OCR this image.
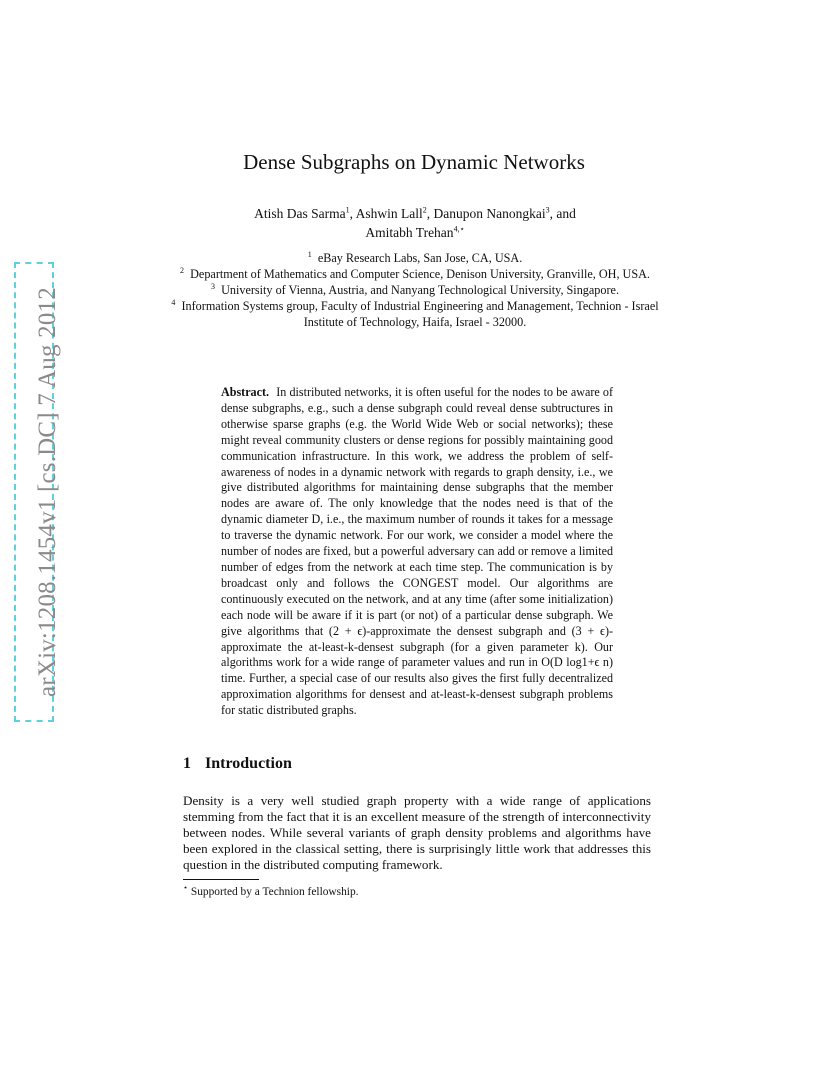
arXiv:1208.1454v1 [cs.DC] 7 Aug 2012
Dense Subgraphs on Dynamic Networks
Atish Das Sarma$^1$, Ashwin Lall$^2$, Danupon Nanongkai$^3$, and
Amitabh Trehan$^{4,⋆}$
$^1$ eBay Research Labs, San Jose, CA, USA.
$^2$ Department of Mathematics and Computer Science, Denison University, Granville, OH, USA.
$^3$ University of Vienna, Austria, and Nanyang Technological University, Singapore.
$^4$ Information Systems group, Faculty of Industrial Engineering and Management, Technion - Israel Institute of Technology, Haifa, Israel - 32000.
Abstract. In distributed networks, it is often useful for the nodes to be aware of dense subgraphs, e.g., such a dense subgraph could reveal dense subtructures in otherwise sparse graphs (e.g. the World Wide Web or social networks); these might reveal community clusters or dense regions for possibly maintaining good communication infrastructure. In this work, we address the problem of self-awareness of nodes in a dynamic network with regards to graph density, i.e., we give distributed algorithms for maintaining dense subgraphs that the member nodes are aware of. The only knowledge that the nodes need is that of the dynamic diameter D, i.e., the maximum number of rounds it takes for a message to traverse the dynamic network. For our work, we consider a model where the number of nodes are fixed, but a powerful adversary can add or remove a limited number of edges from the network at each time step. The communication is by broadcast only and follows the CONGEST model. Our algorithms are continuously executed on the network, and at any time (after some initialization) each node will be aware if it is part (or not) of a particular dense subgraph. We give algorithms that (2 + ϵ)-approximate the densest subgraph and (3 + ϵ)-approximate the at-least-k-densest subgraph (for a given parameter k). Our algorithms work for a wide range of parameter values and run in O(D log1+ϵ n) time. Further, a special case of our results also gives the first fully decentralized approximation algorithms for densest and at-least-k-densest subgraph problems for static distributed graphs.
1 Introduction
Density is a very well studied graph property with a wide range of applications stemming from the fact that it is an excellent measure of the strength of interconnectivity between nodes. While several variants of graph density problems and algorithms have been explored in the classical setting, there is surprisingly little work that addresses this question in the distributed computing framework.
⋆ Supported by a Technion fellowship.
